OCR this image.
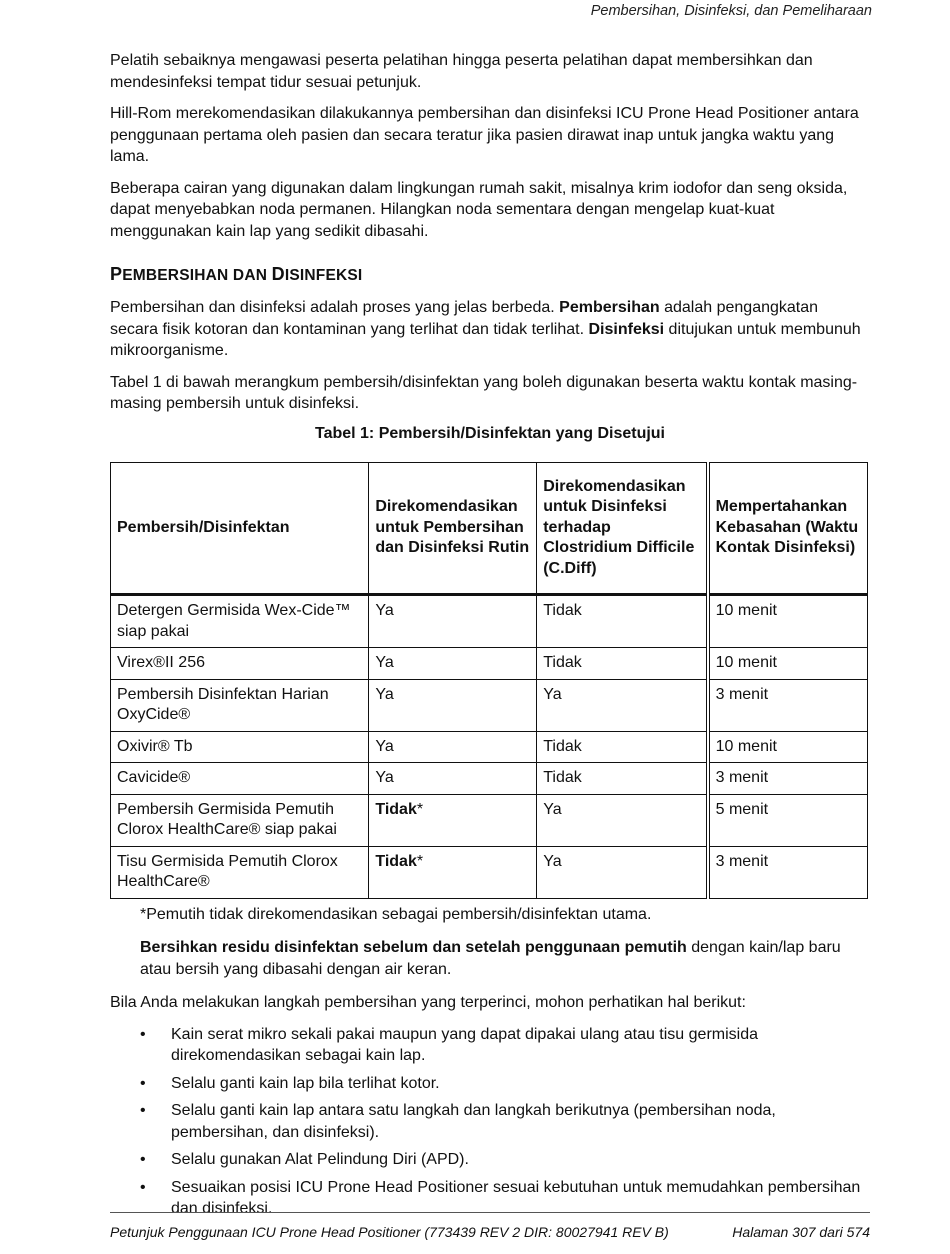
Pembersihan, Disinfeksi, dan Pemeliharaan

Pelatih sebaiknya mengawasi peserta pelatihan hingga peserta pelatihan dapat membersihkan dan mendesinfeksi tempat tidur sesuai petunjuk.

Hill-Rom merekomendasikan dilakukannya pembersihan dan disinfeksi ICU Prone Head Positioner antara penggunaan pertama oleh pasien dan secara teratur jika pasien dirawat inap untuk jangka waktu yang lama.

Beberapa cairan yang digunakan dalam lingkungan rumah sakit, misalnya krim iodofor dan seng oksida, dapat menyebabkan noda permanen. Hilangkan noda sementara dengan mengelap kuat-kuat menggunakan kain lap yang sedikit dibasahi.

PEMBERSIHAN DAN DISINFEKSI

Pembersihan dan disinfeksi adalah proses yang jelas berbeda. Pembersihan adalah pengangkatan secara fisik kotoran dan kontaminan yang terlihat dan tidak terlihat. Disinfeksi ditujukan untuk membunuh mikroorganisme.

Tabel 1 di bawah merangkum pembersih/disinfektan yang boleh digunakan beserta waktu kontak masing-masing pembersih untuk disinfeksi.

Tabel 1: Pembersih/Disinfektan yang Disetujui
Pembersih/Disinfektan	Direkomendasikan untuk Pembersihan dan Disinfeksi Rutin	Direkomendasikan untuk Disinfeksi terhadap Clostridium Difficile (C.Diff)	Mempertahankan Kebasahan (Waktu Kontak Disinfeksi)
Detergen Germisida Wex-Cide™ siap pakai	Ya	Tidak	10 menit
Virex®II 256	Ya	Tidak	10 menit
Pembersih Disinfektan Harian OxyCide®	Ya	Ya	3 menit
Oxivir® Tb	Ya	Tidak	10 menit
Cavicide®	Ya	Tidak	3 menit
Pembersih Germisida Pemutih Clorox HealthCare® siap pakai	Tidak*	Ya	5 menit
Tisu Germisida Pemutih Clorox HealthCare®	Tidak*	Ya	3 menit
*Pemutih tidak direkomendasikan sebagai pembersih/disinfektan utama.
Bersihkan residu disinfektan sebelum dan setelah penggunaan pemutih dengan kain/lap baru atau bersih yang dibasahi dengan air keran.

Bila Anda melakukan langkah pembersihan yang terperinci, mohon perhatikan hal berikut:

• Kain serat mikro sekali pakai maupun yang dapat dipakai ulang atau tisu germisida direkomendasikan sebagai kain lap.
• Selalu ganti kain lap bila terlihat kotor.
• Selalu ganti kain lap antara satu langkah dan langkah berikutnya (pembersihan noda, pembersihan, dan disinfeksi).
• Selalu gunakan Alat Pelindung Diri (APD).
• Sesuaikan posisi ICU Prone Head Positioner sesuai kebutuhan untuk memudahkan pembersihan dan disinfeksi.
Petunjuk Penggunaan ICU Prone Head Positioner (773439 REV 2 DIR: 80027941 REV B)	Halaman 307 dari 574
